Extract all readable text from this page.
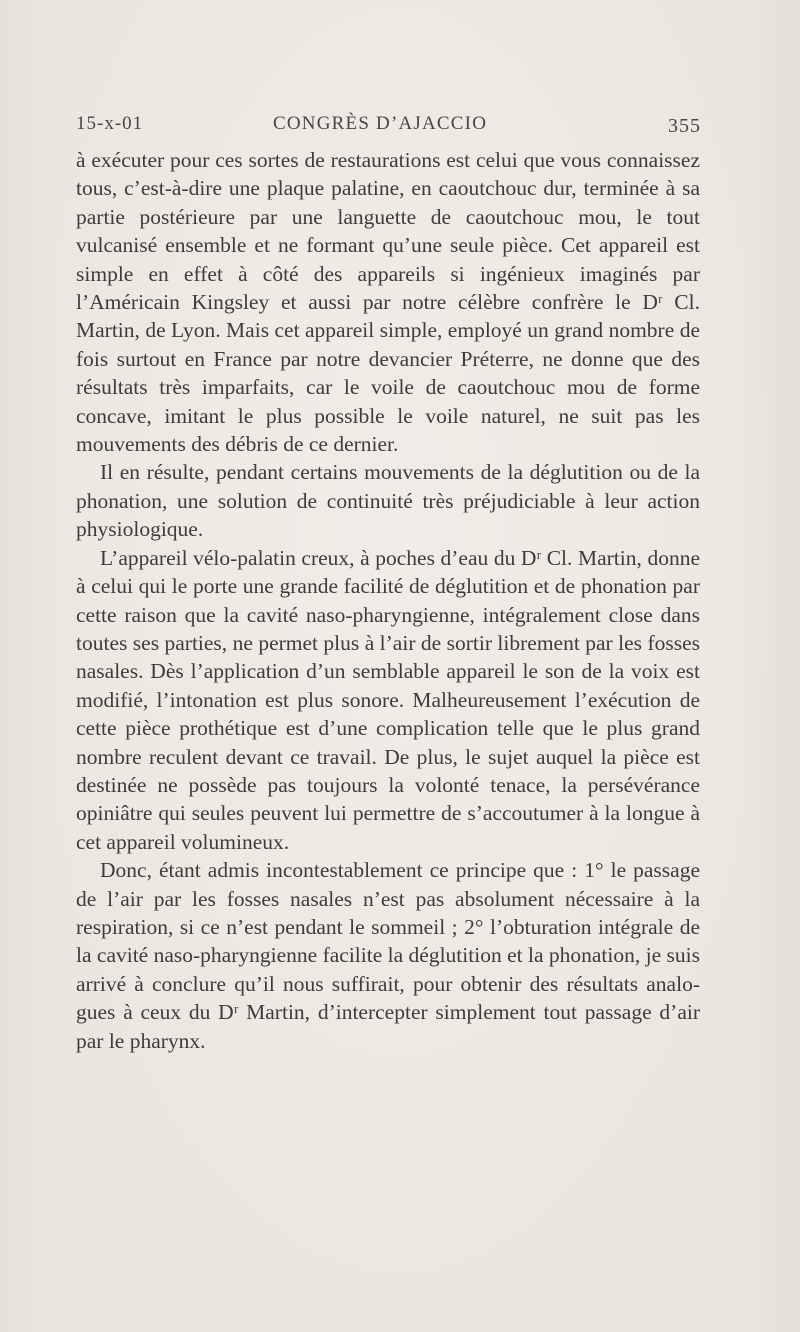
15-x-01	CONGRÈS D’AJACCIO	355

à exécuter pour ces sortes de restaurations est celui que vous connaissez tous, c’est-à-dire une plaque palatine, en caoutchouc dur, terminée à sa partie postérieure par une languette de caoutchouc mou, le tout vulcanisé ensemble et ne formant qu’une seule pièce. Cet appareil est simple en effet à côté des appareils si ingénieux imaginés par l’Américain Kingsley et aussi par notre célèbre confrère le Dʳ Cl. Martin, de Lyon. Mais cet appareil simple, employé un grand nombre de fois surtout en France par notre devancier Préterre, ne donne que des résultats très imparfaits, car le voile de caoutchouc mou de forme concave, imitant le plus possible le voile naturel, ne suit pas les mouvements des débris de ce dernier.

Il en résulte, pendant certains mouvements de la déglutition ou de la phonation, une solution de continuité très préjudiciable à leur action physiologique.

L’appareil vélo-palatin creux, à poches d’eau du Dʳ Cl. Martin, donne à celui qui le porte une grande facilité de déglutition et de phonation par cette raison que la cavité naso-pharyngienne, intégralement close dans toutes ses parties, ne permet plus à l’air de sortir librement par les fosses nasales. Dès l’application d’un semblable appareil le son de la voix est modifié, l’intonation est plus sonore. Malheureusement l’exécution de cette pièce prothétique est d’une complication telle que le plus grand nombre reculent devant ce travail. De plus, le sujet auquel la pièce est destinée ne possède pas toujours la volonté tenace, la persévérance opiniâtre qui seules peuvent lui permettre de s’accoutumer à la longue à cet appareil volumineux.

Donc, étant admis incontestablement ce principe que : 1° le passage de l’air par les fosses nasales n’est pas absolument nécessaire à la respiration, si ce n’est pendant le sommeil ; 2° l’obturation intégrale de la cavité naso-pharyngienne facilite la déglutition et la phonation, je suis arrivé à conclure qu’il nous suffirait, pour obtenir des résultats analogues à ceux du Dʳ Martin, d’intercepter simplement tout passage d’air par le pharynx.
